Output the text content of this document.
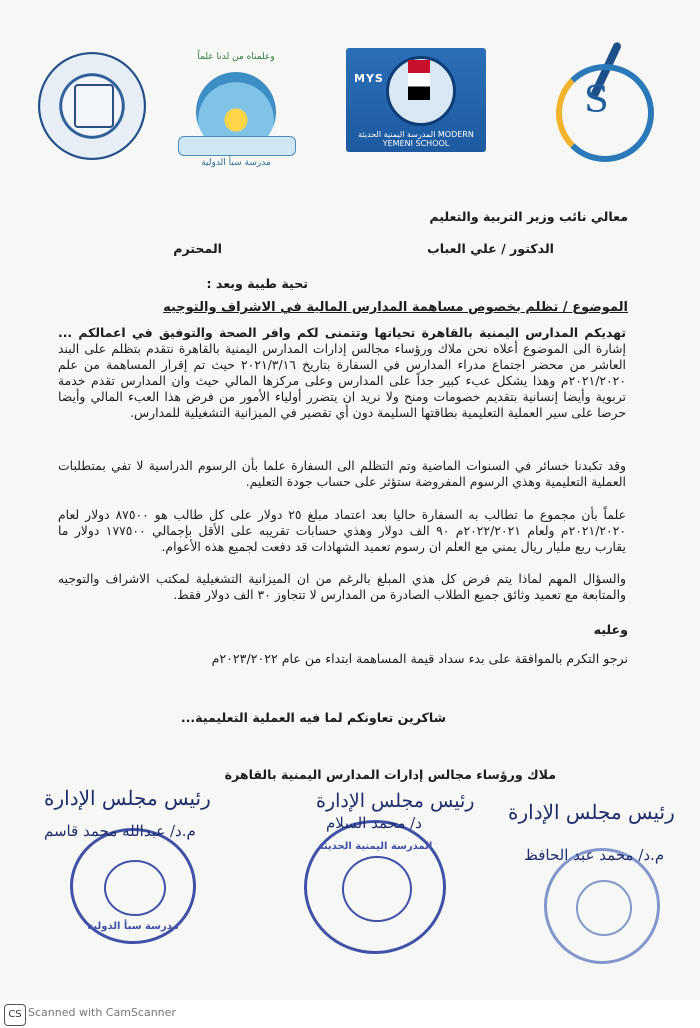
وعلمناه من لدنا علماً
مدرسة سبأ الدولية
MYS
المدرسة اليمنية الحديثة MODERN YEMENI SCHOOL
S
معالي نائب وزير التربية والتعليم
الدكتور / علي العباب
المحترم
تحية طيبة وبعد :
الموضوع / تظلم بخصوص مساهمة المدارس المالية في الاشراف والتوجيه
تهديكم المدارس اليمنية بالقاهرة تحياتها وتتمنى لكم وافر الصحة والتوفيق في اعمالكم ... إشارة الى الموضوع أعلاه نحن ملاك ورؤساء مجالس إدارات المدارس اليمنية بالقاهرة نتقدم بتظلم على البند العاشر من محضر اجتماع مدراء المدارس في السفارة بتاريخ ٢٠٢١/٣/١٦ حيث تم إقرار المساهمة من علم ٢٠٢١/٢٠٢٠م وهذا يشكل عبء كبير جداً على المدارس وعلى مركزها المالي حيث وان المدارس تقدم خدمة تربوية وأيضا إنسانية بتقديم خصومات ومنح ولا نريد ان يتضرر أولياء الأمور من فرض هذا العبء المالي وأيضا حرصا على سير العملية التعليمية بطاقتها السليمة دون أي تقصير في الميزانية التشغيلية للمدارس.
وقد تكبدنا خسائر في السنوات الماضية وتم التظلم الى السفارة علما بأن الرسوم الدراسية لا تفي بمتطلبات العملية التعليمية وهذي الرسوم المفروضة ستؤثر على حساب جودة التعليم.
علماً بأن مجموع ما تطالب به السفارة حاليا بعد اعتماد مبلغ ٢٥ دولار على كل طالب هو ٨٧٥٠٠ دولار لعام ٢٠٢١/٢٠٢٠م ولعام ٢٠٢٢/٢٠٢١م ٩٠ الف دولار وهذي حسابات تقريبه على الأقل بإجمالي ١٧٧٥٠٠ دولار ما يقارب ربع مليار ريال يمني مع العلم ان رسوم تعميد الشهادات قد دفعت لجميع هذه الأعوام.
والسؤال المهم لماذا يتم فرض كل هذي المبلغ بالرغم من ان الميزانية التشغيلية لمكتب الاشراف والتوجيه والمتابعة مع تعميد وثائق جميع الطلاب الصادرة من المدارس لا تتجاوز ٣٠ الف دولار فقط.
وعليه
نرجو التكرم بالموافقة على بدء سداد قيمة المساهمة ابتداء من عام ٢٠٢٣/٢٠٢٢م
شاكرين تعاونكم لما فيه العملية التعليمية...
ملاك ورؤساء مجالس إدارات المدارس اليمنية بالقاهرة
مدرسة سبأ الدولية
رئيس مجلس الإدارة
م.د/ عبدالله محمد قاسم
المدرسة اليمنية الحديثة
رئيس مجلس الإدارة
د/ محمد السلام	رئيس مجلس الإدارة
م.د/ محمد عبد الحافظ
CS Scanned with CamScanner
